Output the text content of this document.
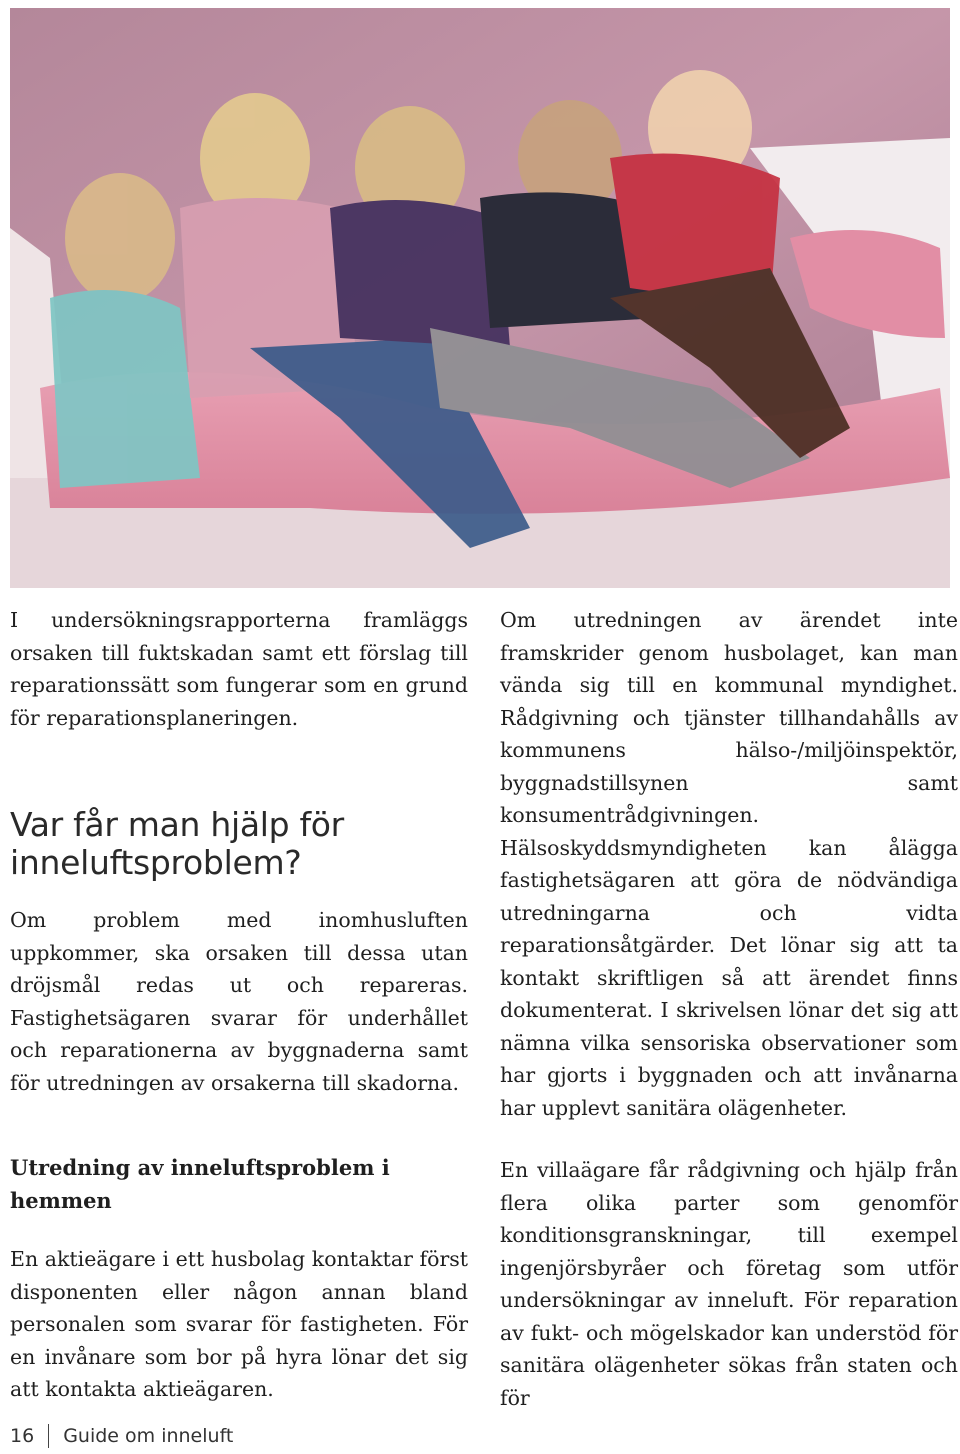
I undersökningsrapporterna framläggs orsaken till fuktskadan samt ett förslag till reparationssätt som fungerar som en grund för reparationsplaneringen.

Var får man hjälp för inneluftsproblem?

Om problem med inomhusluften uppkommer, ska orsaken till dessa utan dröjsmål redas ut och repareras. Fastighetsägaren svarar för underhållet och reparationerna av byggnaderna samt för utredningen av orsakerna till skadorna.

Utredning av inneluftsproblem i hemmen

En aktieägare i ett husbolag kontaktar först disponenten eller någon annan bland personalen som svarar för fastigheten. För en invånare som bor på hyra lönar det sig att kontakta aktieägaren.

Om utredningen av ärendet inte framskrider genom husbolaget, kan man vända sig till en kommunal myndighet. Rådgivning och tjänster tillhandahålls av kommunens hälso-/miljöinspektör, byggnadstillsynen samt konsumentrådgivningen. Hälsoskyddsmyndigheten kan ålägga fastighetsägaren att göra de nödvändiga utredningarna och vidta reparationsåtgärder. Det lönar sig att ta kontakt skriftligen så att ärendet finns dokumenterat. I skrivelsen lönar det sig att nämna vilka sensoriska observationer som har gjorts i byggnaden och att invånarna har upplevt sanitära olägenheter.

En villaägare får rådgivning och hjälp från flera olika parter som genomför konditionsgranskningar, till exempel ingenjörsbyråer och företag som utför undersökningar av inneluft. För reparation av fukt- och mögelskador kan understöd för sanitära olägenheter sökas från staten och för

16 Guide om inneluft
